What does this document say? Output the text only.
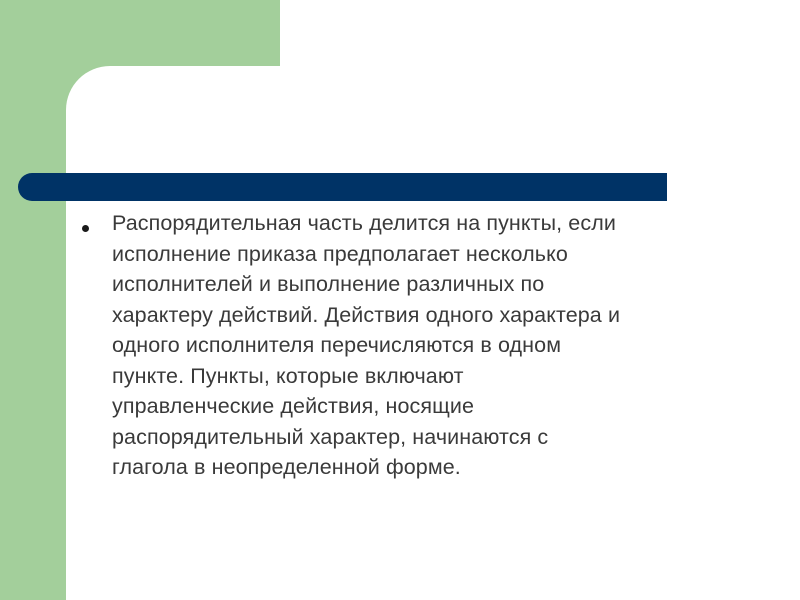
Распорядительная часть делится на пункты, если
исполнение приказа предполагает несколько
исполнителей и выполнение различных по
характеру действий. Действия одного характера и
одного исполнителя перечисляются в одном
пункте. Пункты, которые включают
управленческие действия, носящие
распорядительный характер, начинаются с
глагола в неопределенной форме.
